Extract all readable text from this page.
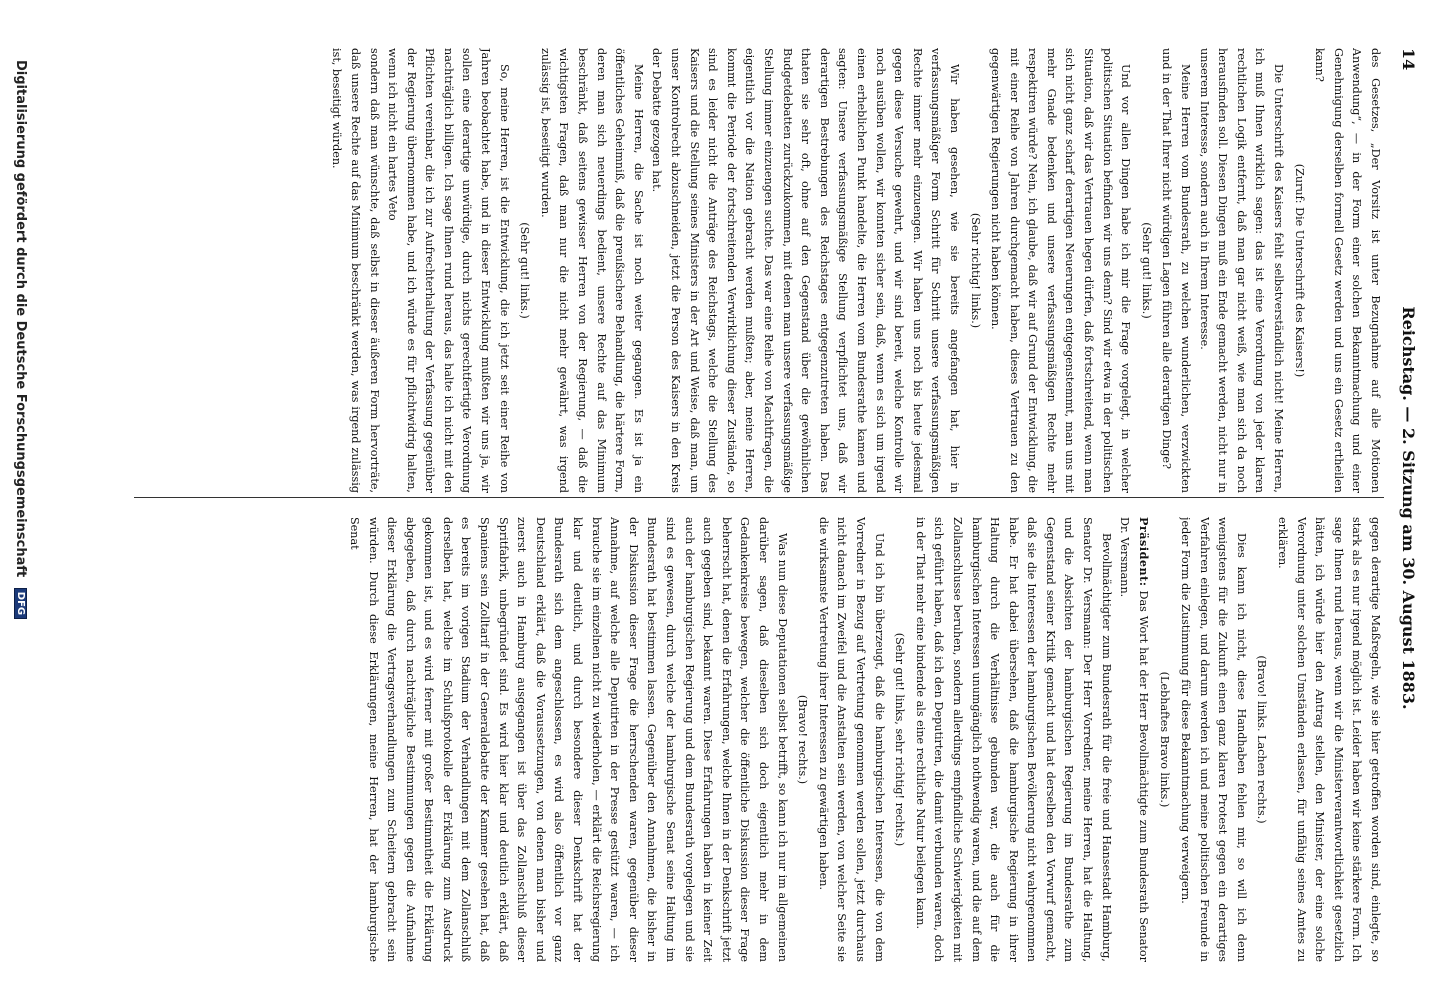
14
Reichstag. — 2. Sitzung am 30. August 1883.

des Gesetzes, „Der Vorsitz ist unter Bezugnahme auf alle Motionen Anwendung“, — in der Form einer solchen Bekanntmachung und einer Genehmigung derselben formell Gesetz werden und uns ein Gesetz ertheilen kann?

(Zuruf: Die Unterschrift des Kaisers!)

Die Unterschrift des Kaisers fehlt selbstverständlich nicht! Meine Herren, ich muß Ihnen wirklich sagen: das ist eine Verordnung von jeder klaren rechtlichen Logik entfernt, daß man gar nicht weiß, wie man sich da noch herausfinden soll. Diesen Dingen muß ein Ende gemacht werden, nicht nur in unserem Interesse, sondern auch in Ihrem Interesse.

Meine Herren vom Bundesrath, zu welchen wunderlichen, verzwickten und in der That Ihrer nicht würdigen Lagen führen alle derartigen Dinge?

(Sehr gut! links.)

Und vor allen Dingen habe ich mir die Frage vorgelegt, in welcher politischen Situation befinden wir uns denn? Sind wir etwa in der politischen Situation, daß wir das Vertrauen hegen dürfen, daß fortschreitend, wenn man sich nicht ganz scharf derartigen Neuerungen entgegenstemmt, man uns mit mehr Gnade bedenken und unsere verfassungsmäßigen Rechte mehr respektiren würde? Nein, ich glaube, daß wir auf Grund der Entwicklung, die mit einer Reihe von Jahren durchgemacht haben, dieses Vertrauen zu den gegenwärtigen Regierungen nicht haben können.

(Sehr richtig! links.)

Wir haben gesehen, wie sie bereits angefangen hat, hier in verfassungsmäßiger Form Schritt für Schritt unsere verfassungsmäßigen Rechte immer mehr einzuengen. Wir haben uns noch bis heute jedesmal gegen diese Versuche gewehrt, und wir sind bereit, welche Kontrolle wir noch ausüben wollen, wir konnten sicher sein, daß, wenn es sich um irgend einen erheblichen Punkt handelte, die Herren vom Bundesrathe kamen und sagten: Unsere verfassungsmäßige Stellung verpflichtet uns, daß wir derartigen Bestrebungen des Reichstages entgegenzutreten haben. Das thaten sie sehr oft, ohne auf den Gegenstand über die gewöhnlichen Budgetdebatten zurückzukommen, mit denen man unsere verfassungsmäßige Stellung immer einzuengen suchte. Das war eine Reihe von Machtfragen, die eigentlich vor die Nation gebracht werden mußten; aber, meine Herren, kommt die Periode der fortschreitenden Verwirklichung dieser Zustände, so sind es leider nicht die Anträge des Reichstags, welche die Stellung des Kaisers und die Stellung seines Ministers in der Art und Weise, daß man, um unser Kontrolrecht abzuschneiden, jetzt die Person des Kaisers in den Kreis der Debatte gezogen hat.

Meine Herren, die Sache ist noch weiter gegangen. Es ist ja ein öffentliches Geheimniß, daß die preußischere Behandlung, die härtere Form, deren man sich neuerdings bedient, unsere Rechte auf das Minimum beschränkt, daß seitens gewisser Herren von der Regierung, — daß die wichtigsten Fragen, daß man nur die nicht mehr gewährt, was irgend zulässig ist, beseitigt wurden.

(Sehr gut! links.)

So, meine Herren, ist die Entwicklung, die ich jetzt seit einer Reihe von Jahren beobachtet habe, und in dieser Entwicklung mußten wir uns ja, wir sollen eine derartige unwürdige, durch nichts gerechtfertigte Verordnung nachträglich billigen. Ich sage Ihnen rund heraus, das halte ich nicht mit den Pflichten vereinbar, die ich zur Aufrechterhaltung der Verfassung gegenüber der Regierung übernommen habe, und ich würde es für pflichtwidrig halten, wenn ich nicht ein hartes Veto

sondern daß man wünschte, daß selbst in dieser äußeren Form hervorträte, daß unsere Rechte auf das Minimum beschränkt werden, was irgend zulässig ist, beseitigt würden.

gegen derartige Maßregeln, wie sie hier getroffen worden sind, einlegte, so stark als es nur irgend möglich ist. Leider haben wir keine stärkere Form. Ich sage Ihnen rund heraus, wenn wir die Ministerverantwortlichkeit gesetzlich hätten, ich würde hier den Antrag stellen, den Minister, der eine solche Verordnung unter solchen Umständen erlassen, für unfähig seines Amtes zu erklären.

(Bravo! links. Lachen rechts.)

Dies kann ich nicht, diese Handhaben fehlen mir, so will ich denn wenigstens für die Zukunft einen ganz klaren Protest gegen ein derartiges Verfahren einlegen, und darum werden ich und meine politischen Freunde in jeder Form die Zustimmung für diese Bekanntmachung verweigern.

(Lebhaftes Bravo links.)

Präsident: Das Wort hat der Herr Bevollmächtigte zum Bundesrath Senator Dr. Versmann.

Bevollmächtigter zum Bundesrath für die freie und Hansestadt Hamburg, Senator Dr. Versmann: Der Herr Vorredner, meine Herren, hat die Haltung, und die Absichten der hamburgischen Regierung im Bundesrathe zum Gegenstand seiner Kritik gemacht und hat derselben den Vorwurf gemacht, daß sie die Interessen der hamburgischen Bevölkerung nicht wahrgenommen habe. Er hat dabei übersehen, daß die hamburgische Regierung in ihrer Haltung durch die Verhältnisse gebunden war, die auch für die hamburgischen Interessen unumgänglich nothwendig waren, und die auf dem Zollanschlusse beruhen, sondern allerdings empfindliche Schwierigkeiten mit sich geführt haben, daß ich den Deputirten, die damit verbunden waren, doch in der That mehr eine bindende als eine rechtliche Natur beilegen kann.

(Sehr gut! links, sehr richtig! rechts.)

Und ich bin überzeugt, daß die hamburgischen Interessen, die von dem Vorredner in Bezug auf Vertretung genommen werden sollen, jetzt durchaus nicht danach im Zweifel und die Anstalten sein werden, von welcher Seite sie die wirksamste Vertretung ihrer Interessen zu gewärtigen haben.

(Bravo! rechts.)

Was nun diese Deputationen selbst betrifft, so kann ich nur im allgemeinen darüber sagen, daß dieselben sich doch eigentlich mehr in dem Gedankenkreise bewegen, welcher die öffentliche Diskussion dieser Frage beherrscht hat, denen die Erfahrungen, welche Ihnen in der Denkschrift jetzt auch gegeben sind, bekannt waren. Diese Erfahrungen haben in keiner Zeit auch der hamburgischen Regierung und dem Bundesrath vorgelegen und sie sind es gewesen, durch welche der hamburgische Senat seine Haltung im Bundesrath hat bestimmen lassen. Gegenüber den Annahmen, die bisher in der Diskussion dieser Frage die herrschenden waren, gegenüber dieser Annahme, auf welche alle Deputirten in der Presse gestützt waren, — ich brauche sie im einzelnen nicht zu wiederholen, — erklärt die Reichsregierung klar und deutlich, und durch besondere dieser Denkschrift hat der Bundesrath sich dem angeschlossen, es wird also öffentlich vor ganz Deutschland erklärt, daß die Voraussetzungen, von denen man bisher und zuerst auch in Hamburg ausgegangen ist über das Zollanschluß dieser Spritfabrik, unbegründet sind. Es wird hier klar und deutlich erklärt, daß Spaniens sein Zolltarif in der Generaldebatte der Kammer gesehen hat, daß es bereits im vorigen Stadium der Verhandlungen mit dem Zollanschluß derselben hat, welche im Schlußprotokolle der Erklärung zum Ausdruck gekommen ist, und es wird ferner mit großer Bestimmtheit die Erklärung abgegeben, daß durch nachträgliche Bestimmungen gegen die Aufnahme dieser Erklärung die Vertragsverhandlungen zum Scheitern gebracht sein würden. Durch diese Erklärungen, meine Herren, hat der hamburgische Senat

Digitalisierung gefördert durch die Deutsche Forschungsgemeinschaft DFG
